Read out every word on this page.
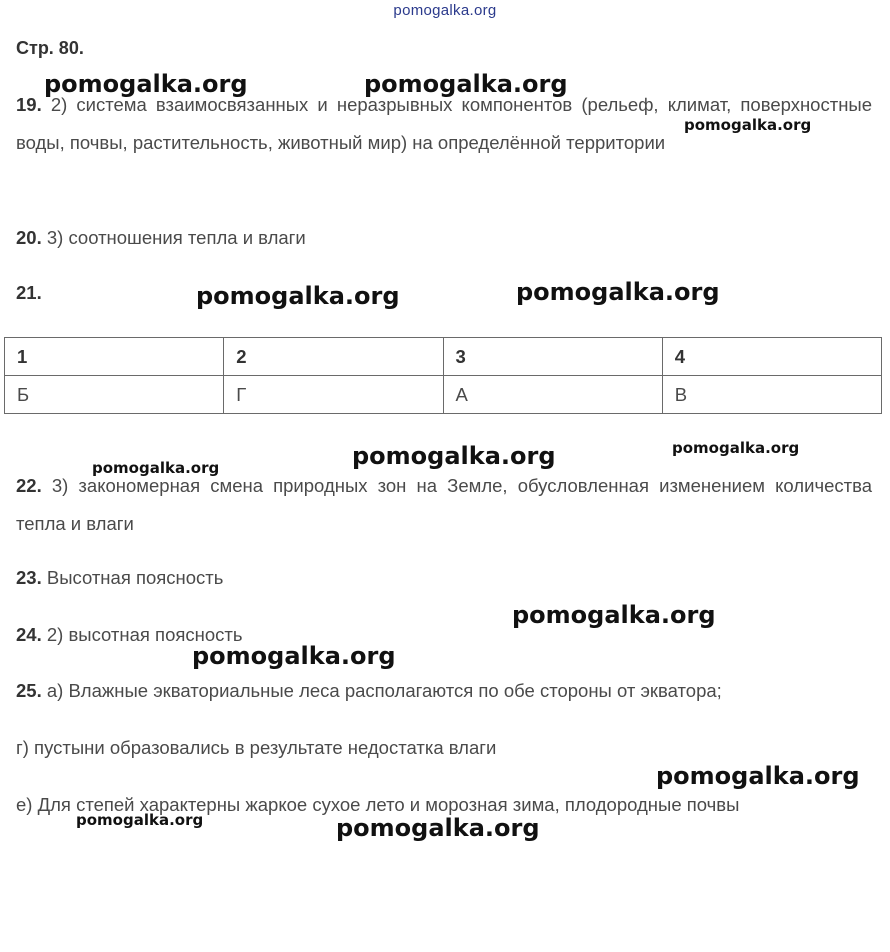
pomogalka.org
Стр. 80.
19. 2) система взаимосвязанных и неразрывных компонентов (рельеф, климат, поверхностные воды, почвы, растительность, животный мир) на определённой территории
20. 3) соотношения тепла и влаги
21.
1	2	3	4
Б	Г	А	В
22. 3) закономерная смена природных зон на Земле, обусловленная изменением количества тепла и влаги
23. Высотная поясность
24. 2) высотная поясность
25. а) Влажные экваториальные леса располагаются по обе стороны от экватора;
г) пустыни образовались в результате недостатка влаги
е) Для степей характерны жаркое сухое лето и морозная зима, плодородные почвы
pomogalka.org	pomogalka.org
pomogalka.org
pomogalka.org	pomogalka.org
pomogalka.org
pomogalka.org
pomogalka.org
pomogalka.org
pomogalka.org
pomogalka.org
pomogalka.org	pomogalka.org
